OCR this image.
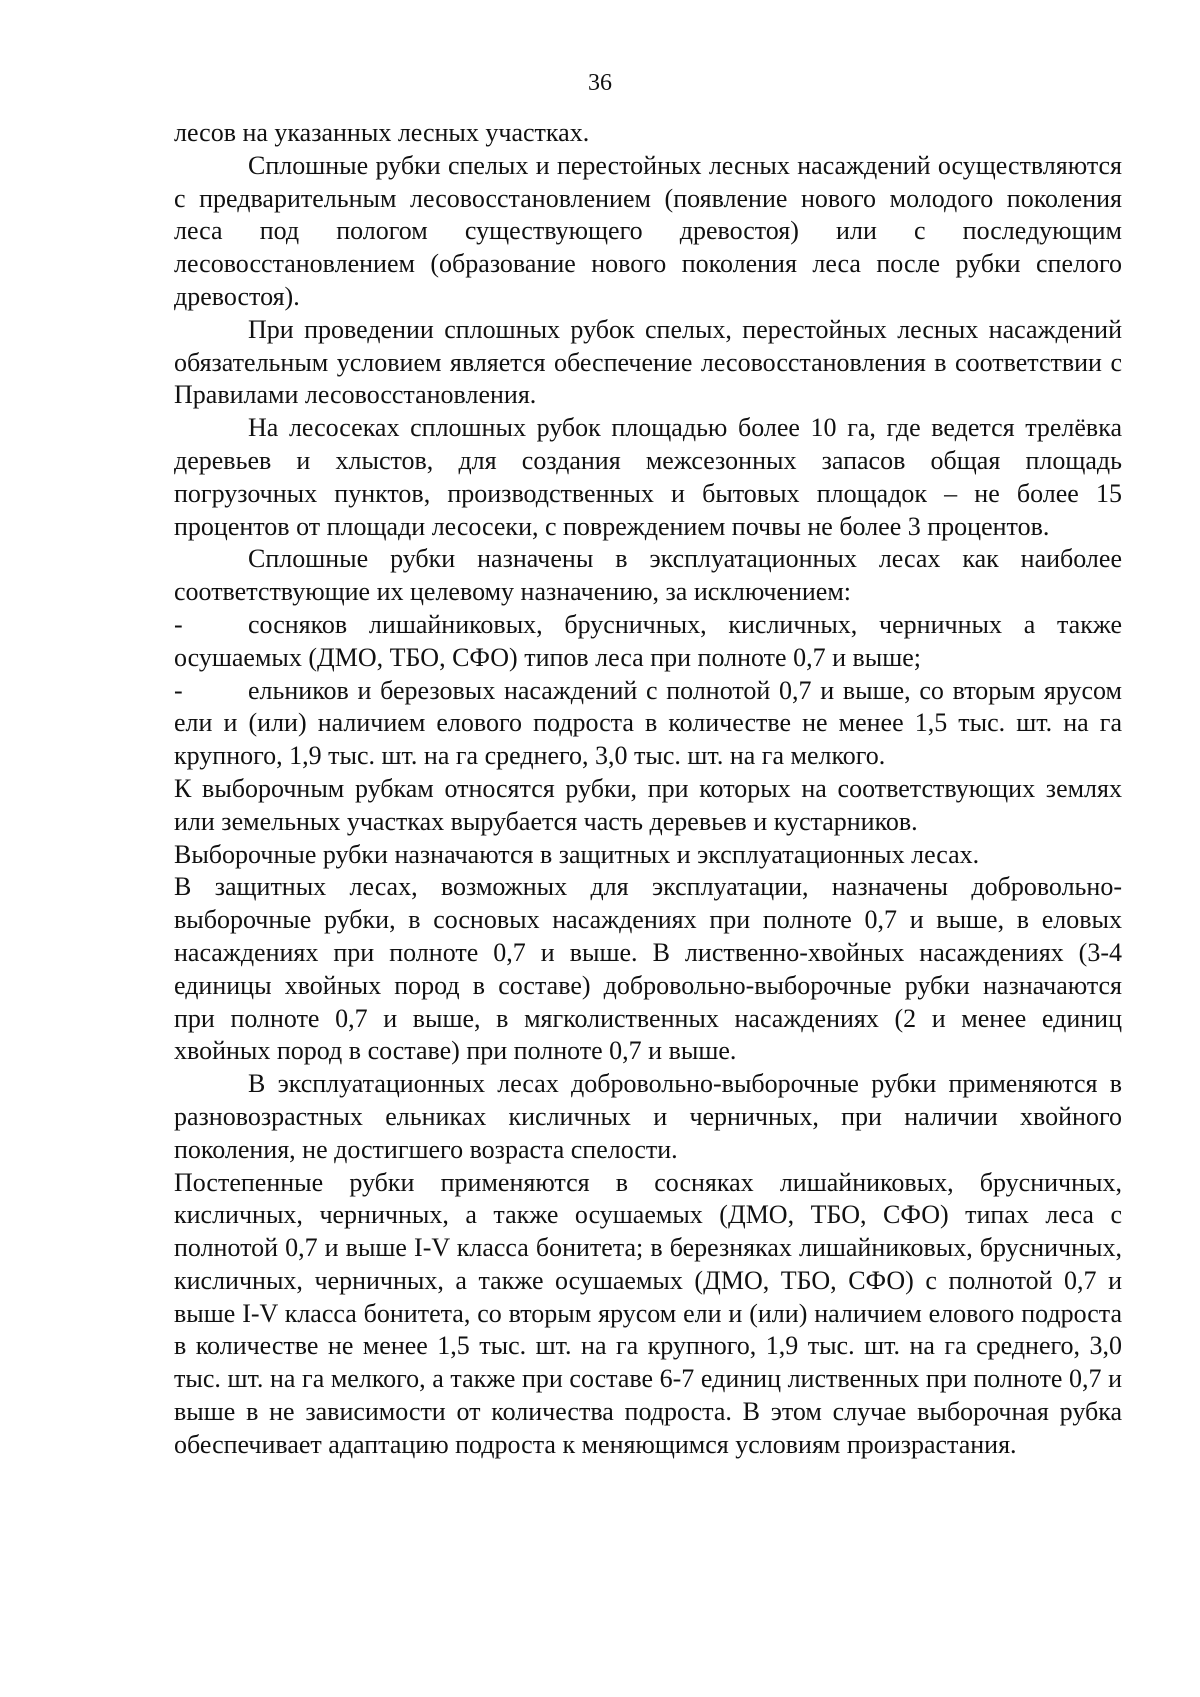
36

лесов на указанных лесных участках.

Сплошные рубки спелых и перестойных лесных насаждений осуществляются с предварительным лесовосстановлением (появление нового молодого поколения леса под пологом существующего древостоя) или с последующим лесовосстановлением (образование нового поколения леса после рубки спелого древостоя).

При проведении сплошных рубок спелых, перестойных лесных насаждений обязательным условием является обеспечение лесовосстановления в соответствии с Правилами лесовосстановления.

На лесосеках сплошных рубок площадью более 10 га, где ведется трелёвка деревьев и хлыстов, для создания межсезонных запасов общая площадь погрузочных пунктов, производственных и бытовых площадок – не более 15 процентов от площади лесосеки, с повреждением почвы не более 3 процентов.

Сплошные рубки назначены в эксплуатационных лесах как наиболее соответствующие их целевому назначению, за исключением:

-	сосняков лишайниковых, брусничных, кисличных, черничных а также осушаемых (ДМО, ТБО, СФО) типов леса при полноте 0,7 и выше;

-	ельников и березовых насаждений с полнотой 0,7 и выше, со вторым ярусом ели и (или) наличием елового подроста в количестве не менее 1,5 тыс. шт. на га крупного, 1,9 тыс. шт. на га среднего, 3,0 тыс. шт. на га мелкого.

К выборочным рубкам относятся рубки, при которых на соответствующих землях или земельных участках вырубается часть деревьев и кустарников.

Выборочные рубки назначаются в защитных и эксплуатационных лесах.

В защитных лесах, возможных для эксплуатации, назначены добровольно-выборочные рубки, в сосновых насаждениях при полноте 0,7 и выше, в еловых насаждениях при полноте 0,7 и выше. В лиственно-хвойных насаждениях (3-4 единицы хвойных пород в составе) добровольно-выборочные рубки назначаются при полноте 0,7 и выше, в мягколиственных насаждениях (2 и менее единиц хвойных пород в составе) при полноте 0,7 и выше.

В эксплуатационных лесах добровольно-выборочные рубки применяются в разновозрастных ельниках кисличных и черничных, при наличии хвойного поколения, не достигшего возраста спелости.

Постепенные рубки применяются в сосняках лишайниковых, брусничных, кисличных, черничных, а также осушаемых (ДМО, ТБО, СФО) типах леса с полнотой 0,7 и выше I-V класса бонитета; в березняках лишайниковых, брусничных, кисличных, черничных, а также осушаемых (ДМО, ТБО, СФО) с полнотой 0,7 и выше I-V класса бонитета, со вторым ярусом ели и (или) наличием елового подроста в количестве не менее 1,5 тыс. шт. на га крупного, 1,9 тыс. шт. на га среднего, 3,0 тыс. шт. на га мелкого, а также при составе 6-7 единиц лиственных при полноте 0,7 и выше в не зависимости от количества подроста. В этом случае выборочная рубка обеспечивает адаптацию подроста к меняющимся условиям произрастания.
